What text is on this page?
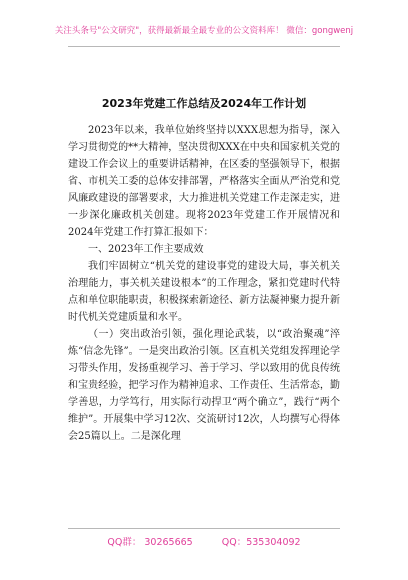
关注头条号"公文研究"，获得最新最全最专业的公文资料库！ 微信：gongwenj
2023年党建工作总结及2024年工作计划

2023年以来，我单位始终坚持以XXX思想为指导，深入学习贯彻党的**大精神，坚决贯彻XXX在中央和国家机关党的建设工作会议上的重要讲话精神，在区委的坚强领导下，根据省、市机关工委的总体安排部署，严格落实全面从严治党和党风廉政建设的部署要求，大力推进机关党建工作走深走实，进一步深化廉政机关创建。现将2023年党建工作开展情况和2024年党建工作打算汇报如下：

一、2023年工作主要成效

我们牢固树立“机关党的建设事党的建设大局，事关机关治理能力，事关机关建设根本”的工作理念，紧扣党建时代特点和单位职能职责，积极探索新途径、新方法凝神聚力提升新时代机关党建质量和水平。

（一）突出政治引领，强化理论武装，以“政治聚魂”淬炼“信念先锋”。一是突出政治引领。区直机关党组发挥理论学习带头作用，发扬重视学习、善于学习、学以致用的优良传统和宝贵经验，把学习作为精神追求、工作责任、生活常态，勤学善思，力学笃行，用实际行动捍卫“两个确立”，践行“两个维护”。开展集中学习12次、交流研讨12次，人均撰写心得体会25篇以上。二是深化理

QQ群： 30265665	QQ：535304092
